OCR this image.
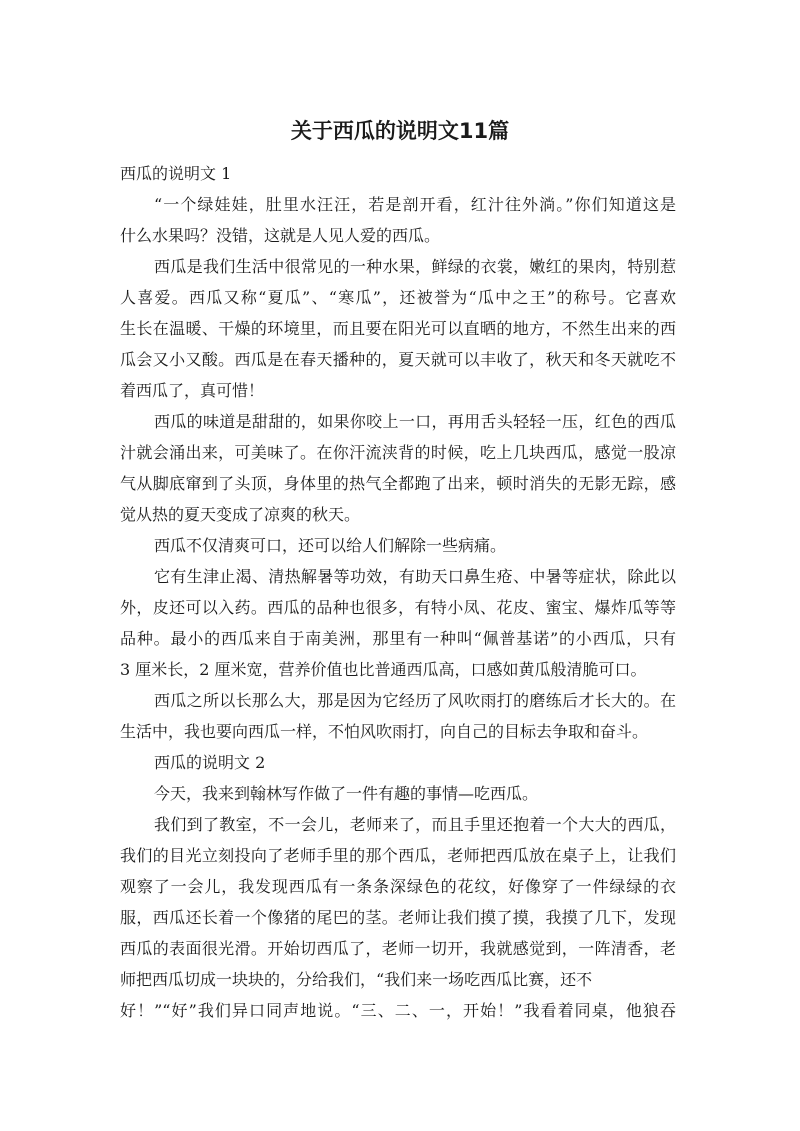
关于西瓜的说明文11篇
西瓜的说明文 1
“一个绿娃娃，肚里水汪汪，若是剖开看，红汁往外淌。”你们知道这是
什么水果吗？没错，这就是人见人爱的西瓜。
西瓜是我们生活中很常见的一种水果，鲜绿的衣裳，嫩红的果肉，特别惹
人喜爱。西瓜又称“夏瓜”、“寒瓜”，还被誉为“瓜中之王”的称号。它喜欢
生长在温暖、干燥的环境里，而且要在阳光可以直晒的地方，不然生出来的西
瓜会又小又酸。西瓜是在春天播种的，夏天就可以丰收了，秋天和冬天就吃不
着西瓜了，真可惜！
西瓜的味道是甜甜的，如果你咬上一口，再用舌头轻轻一压，红色的西瓜
汁就会涌出来，可美味了。在你汗流浃背的时候，吃上几块西瓜，感觉一股凉
气从脚底窜到了头顶，身体里的热气全都跑了出来，顿时消失的无影无踪，感
觉从热的夏天变成了凉爽的秋天。
西瓜不仅清爽可口，还可以给人们解除一些病痛。
它有生津止渴、清热解暑等功效，有助天口鼻生疮、中暑等症状，除此以
外，皮还可以入药。西瓜的品种也很多，有特小凤、花皮、蜜宝、爆炸瓜等等
品种。最小的西瓜来自于南美洲，那里有一种叫“佩普基诺”的小西瓜，只有
3 厘米长，2 厘米宽，营养价值也比普通西瓜高，口感如黄瓜般清脆可口。
西瓜之所以长那么大，那是因为它经历了风吹雨打的磨练后才长大的。在
生活中，我也要向西瓜一样，不怕风吹雨打，向自己的目标去争取和奋斗。
西瓜的说明文 2
今天，我来到翰林写作做了一件有趣的事情—吃西瓜。
我们到了教室，不一会儿，老师来了，而且手里还抱着一个大大的西瓜，
我们的目光立刻投向了老师手里的那个西瓜，老师把西瓜放在桌子上，让我们
观察了一会儿，我发现西瓜有一条条深绿色的花纹，好像穿了一件绿绿的衣
服，西瓜还长着一个像猪的尾巴的茎。老师让我们摸了摸，我摸了几下，发现
西瓜的表面很光滑。开始切西瓜了，老师一切开，我就感觉到，一阵清香，老
师把西瓜切成一块块的，分给我们，“我们来一场吃西瓜比赛，还不
好！”“好”我们异口同声地说。“三、二、一，开始！”我看着同桌，他狼吞
